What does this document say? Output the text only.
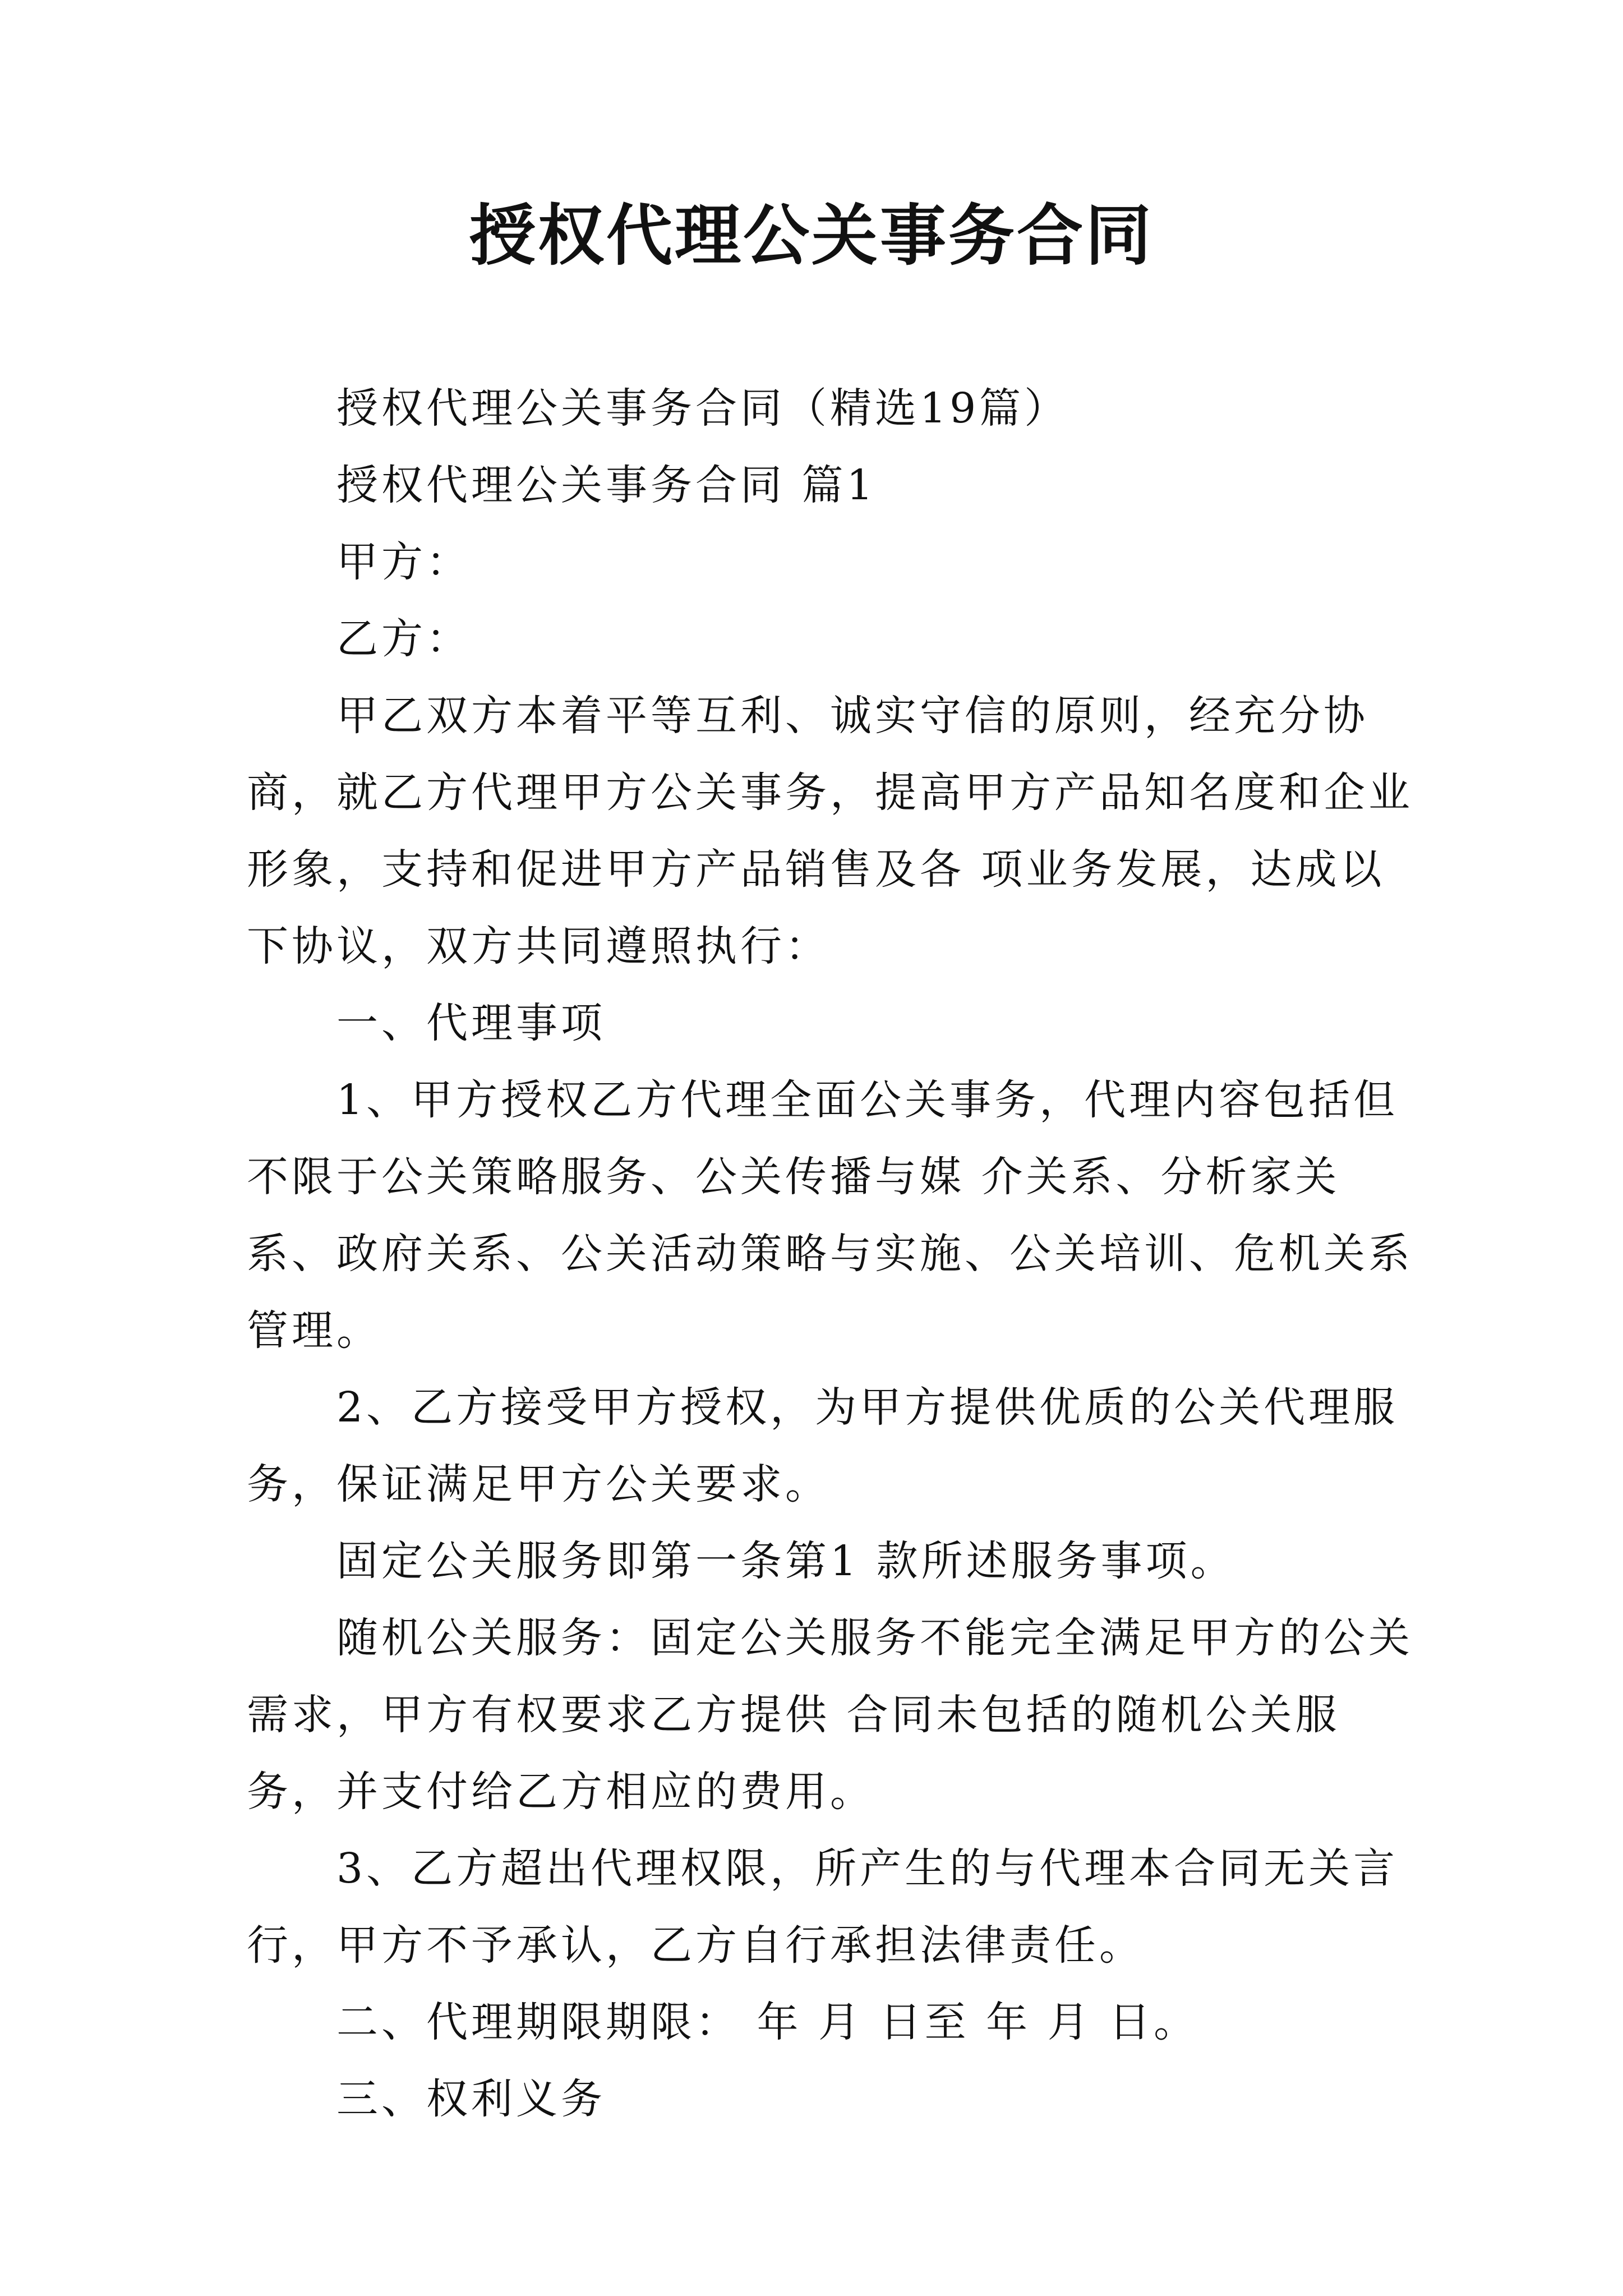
授权代理公关事务合同

授权代理公关事务合同（精选19篇）

授权代理公关事务合同 篇1

甲方：

乙方：

甲乙双方本着平等互利、诚实守信的原则，经充分协商，就乙方代理甲方公关事务，提高甲方产品知名度和企业形象，支持和促进甲方产品销售及各 项业务发展，达成以下协议，双方共同遵照执行：

一、代理事项

1、甲方授权乙方代理全面公关事务，代理内容包括但不限于公关策略服务、公关传播与媒 介关系、分析家关系、政府关系、公关活动策略与实施、公关培训、危机关系管理。

2、乙方接受甲方授权，为甲方提供优质的公关代理服务，保证满足甲方公关要求。

固定公关服务即第一条第1 款所述服务事项。

随机公关服务：固定公关服务不能完全满足甲方的公关需求，甲方有权要求乙方提供 合同未包括的随机公关服务，并支付给乙方相应的费用。

3、乙方超出代理权限，所产生的与代理本合同无关言行，甲方不予承认，乙方自行承担法律责任。

二、代理期限期限： 年 月 日至 年 月 日。

三、权利义务
